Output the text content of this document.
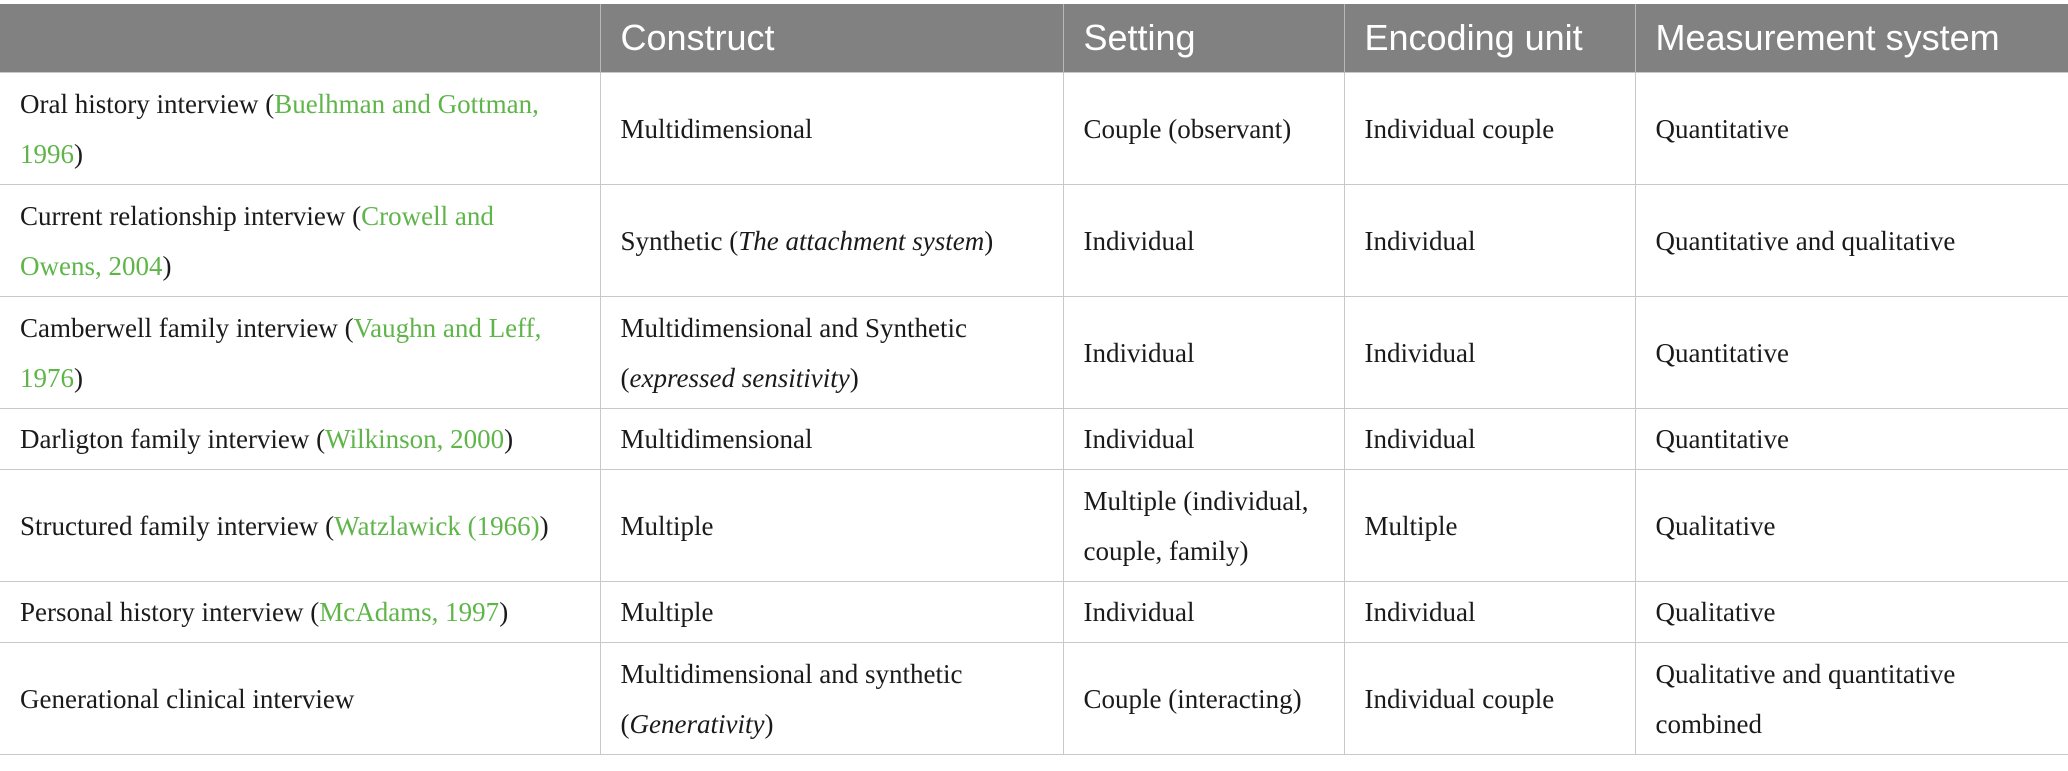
	Construct	Setting	Encoding unit	Measurement system
Oral history interview (Buelhman and Gottman, 1996)	Multidimensional	Couple (observant)	Individual couple	Quantitative
Current relationship interview (Crowell and Owens, 2004)	Synthetic (The attachment system)	Individual	Individual	Quantitative and qualitative
Camberwell family interview (Vaughn and Leff, 1976)	Multidimensional and Synthetic (expressed sensitivity)	Individual	Individual	Quantitative
Darligton family interview (Wilkinson, 2000)	Multidimensional	Individual	Individual	Quantitative
Structured family interview (Watzlawick (1966))	Multiple	Multiple (individual, couple, family)	Multiple	Qualitative
Personal history interview (McAdams, 1997)	Multiple	Individual	Individual	Qualitative
Generational clinical interview	Multidimensional and synthetic (Generativity)	Couple (interacting)	Individual couple	Qualitative and quantitative combined
